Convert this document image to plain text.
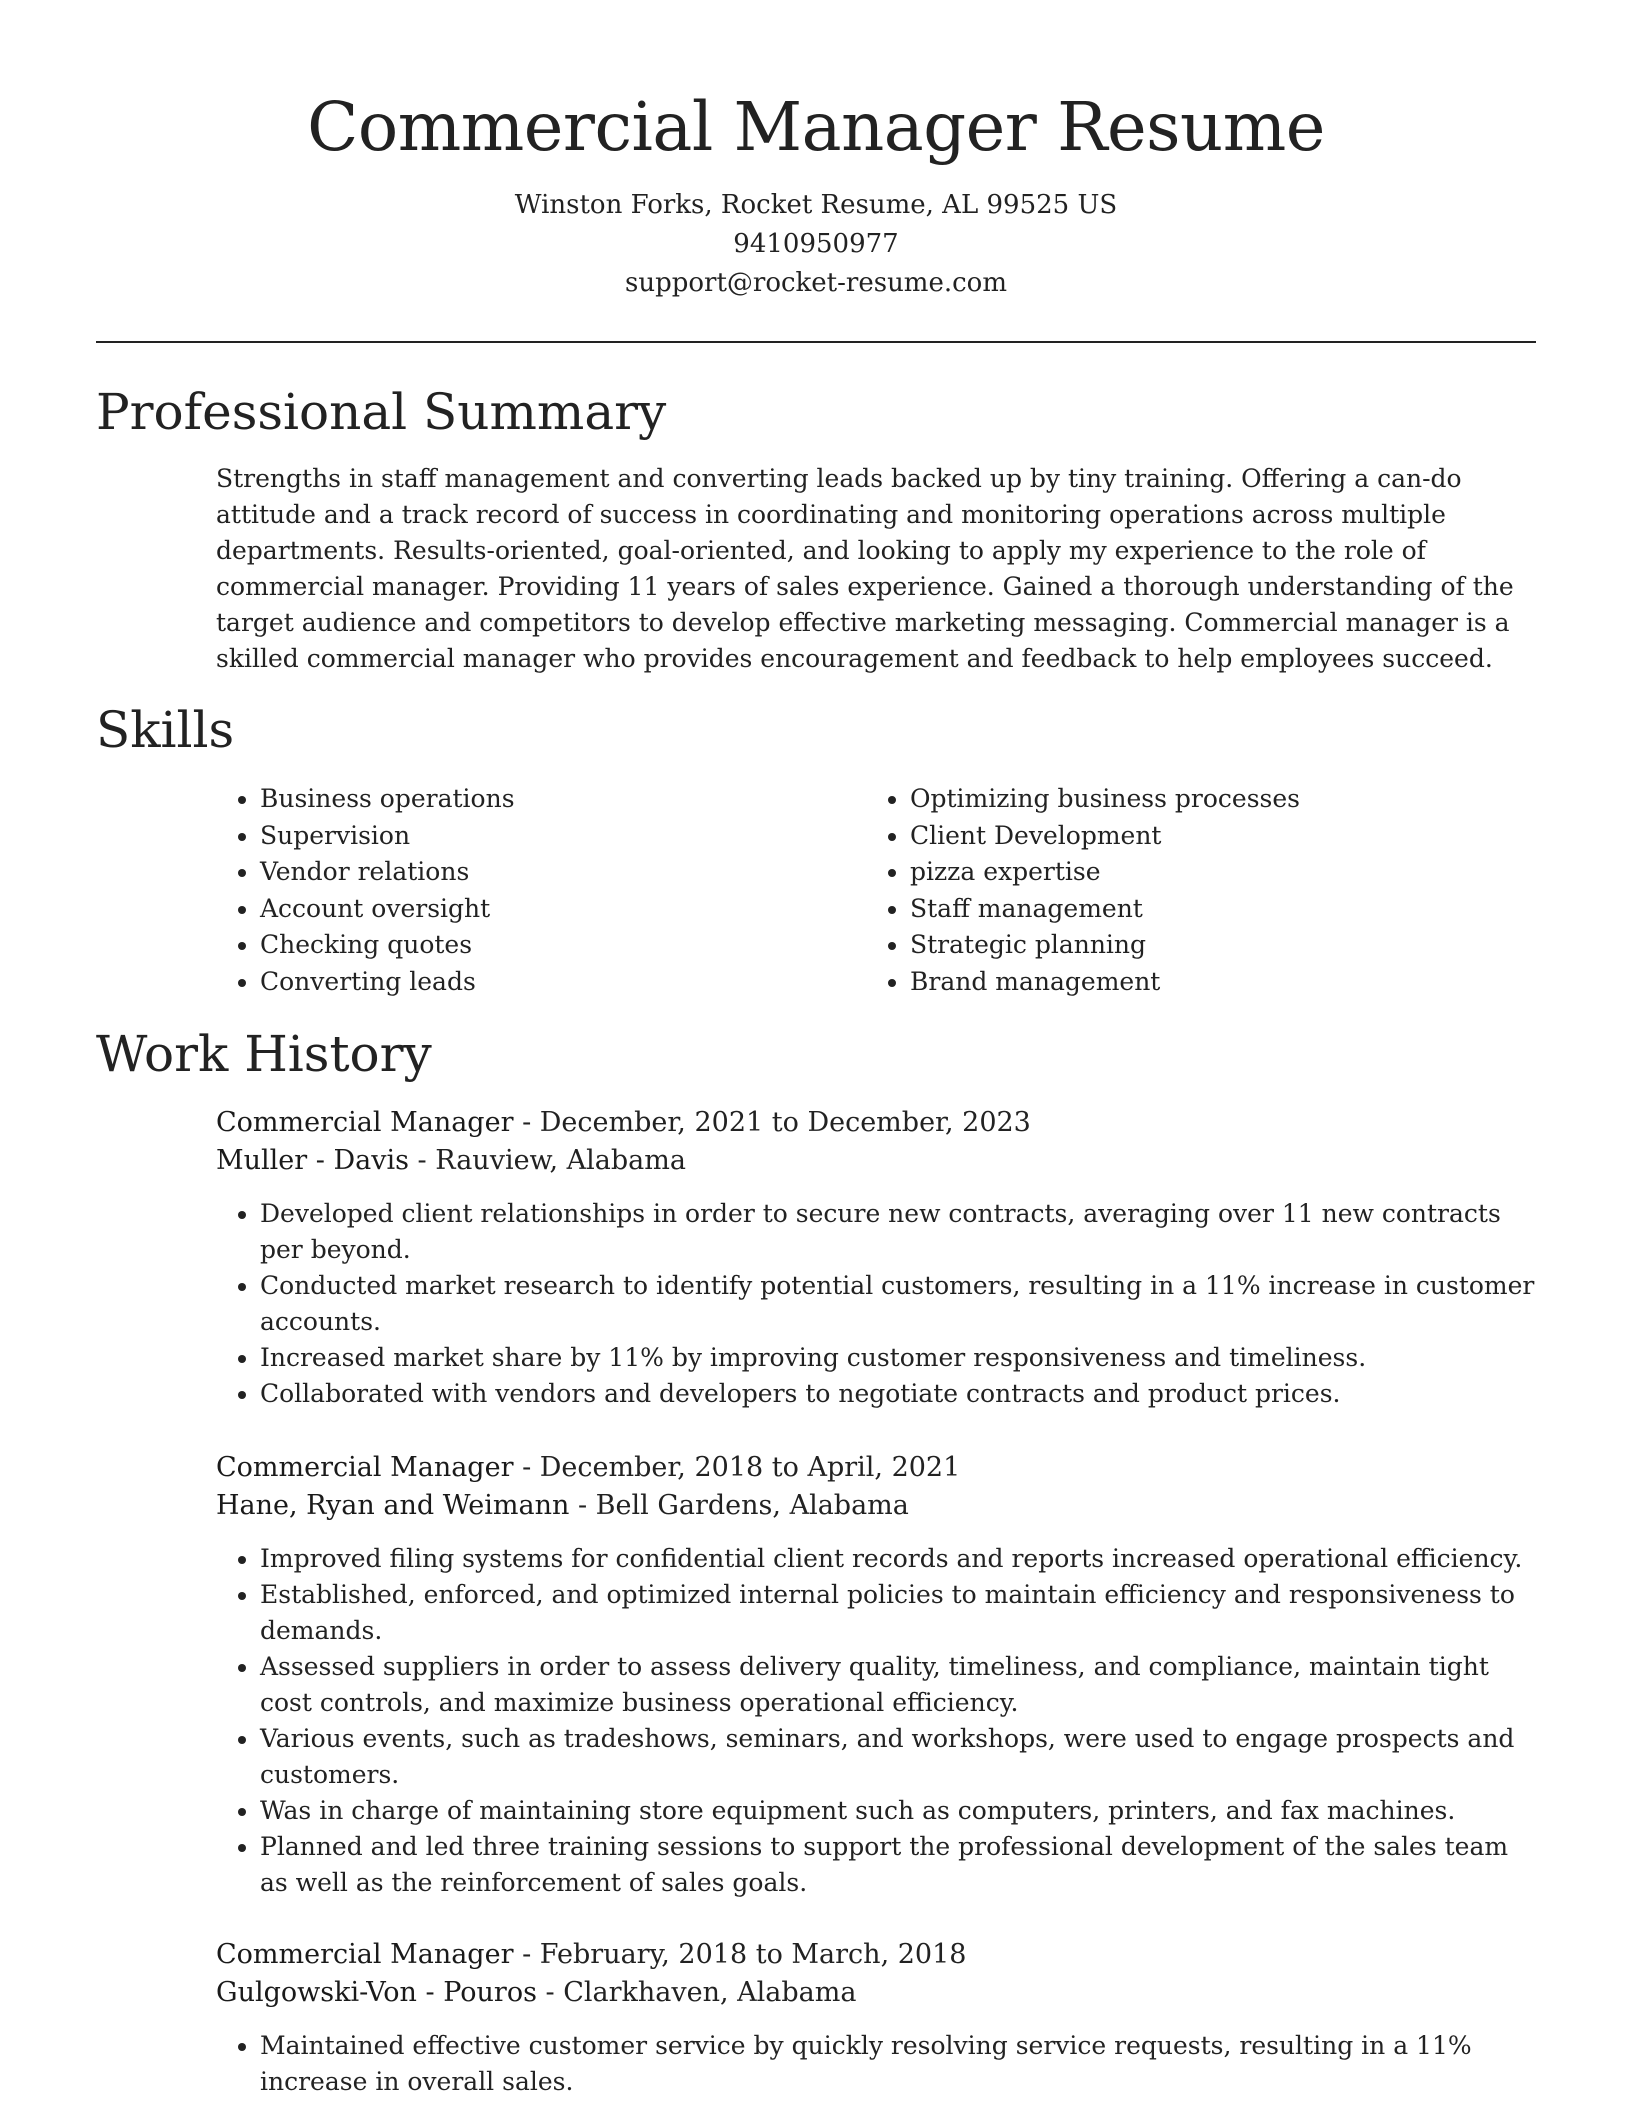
Commercial Manager Resume
Winston Forks, Rocket Resume, AL 99525 US
9410950977
support@rocket-resume.com
Professional Summary

Strengths in staff management and converting leads backed up by tiny training. Offering a can-do attitude and a track record of success in coordinating and monitoring operations across multiple departments. Results-oriented, goal-oriented, and looking to apply my experience to the role of commercial manager. Providing 11 years of sales experience. Gained a thorough understanding of the target audience and competitors to develop effective marketing messaging. Commercial manager is a skilled commercial manager who provides encouragement and feedback to help employees succeed.

Skills
• Business operations
• Supervision
• Vendor relations
• Account oversight
• Checking quotes
• Converting leads
• Optimizing business processes
• Client Development
• pizza expertise
• Staff management
• Strategic planning
• Brand management
Work History
Commercial Manager - December, 2021 to December, 2023
Muller - Davis - Rauview, Alabama
• Developed client relationships in order to secure new contracts, averaging over 11 new contracts per beyond.
• Conducted market research to identify potential customers, resulting in a 11% increase in customer accounts.
• Increased market share by 11% by improving customer responsiveness and timeliness.
• Collaborated with vendors and developers to negotiate contracts and product prices.
Commercial Manager - December, 2018 to April, 2021
Hane, Ryan and Weimann - Bell Gardens, Alabama
• Improved filing systems for confidential client records and reports increased operational efficiency.
• Established, enforced, and optimized internal policies to maintain efficiency and responsiveness to demands.
• Assessed suppliers in order to assess delivery quality, timeliness, and compliance, maintain tight cost controls, and maximize business operational efficiency.
• Various events, such as tradeshows, seminars, and workshops, were used to engage prospects and customers.
• Was in charge of maintaining store equipment such as computers, printers, and fax machines.
• Planned and led three training sessions to support the professional development of the sales team as well as the reinforcement of sales goals.
Commercial Manager - February, 2018 to March, 2018
Gulgowski-Von - Pouros - Clarkhaven, Alabama
• Maintained effective customer service by quickly resolving service requests, resulting in a 11% increase in overall sales.
